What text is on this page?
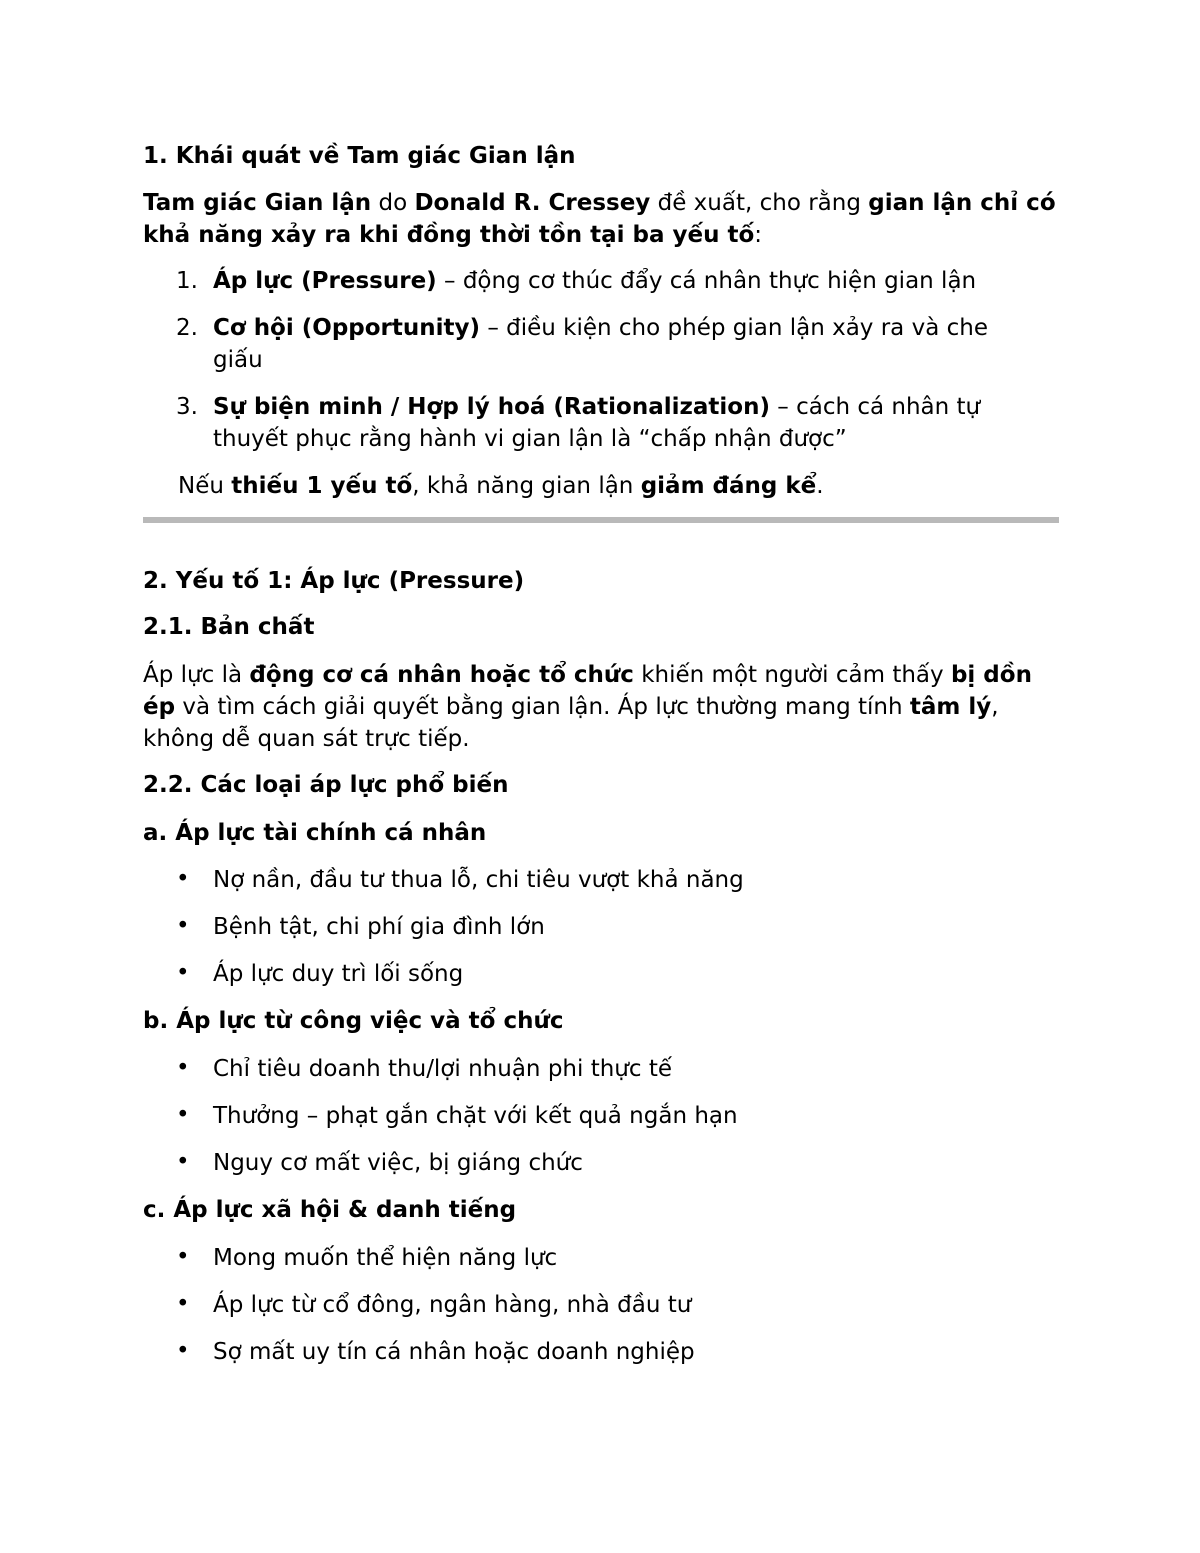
1. Khái quát về Tam giác Gian lận

Tam giác Gian lận do Donald R. Cressey đề xuất, cho rằng gian lận chỉ có khả năng xảy ra khi đồng thời tồn tại ba yếu tố:

1. Áp lực (Pressure) – động cơ thúc đẩy cá nhân thực hiện gian lận
2. Cơ hội (Opportunity) – điều kiện cho phép gian lận xảy ra và che giấu
3. Sự biện minh / Hợp lý hoá (Rationalization) – cách cá nhân tự thuyết phục rằng hành vi gian lận là “chấp nhận được”

Nếu thiếu 1 yếu tố, khả năng gian lận giảm đáng kể.

2. Yếu tố 1: Áp lực (Pressure)
2.1. Bản chất

Áp lực là động cơ cá nhân hoặc tổ chức khiến một người cảm thấy bị dồn ép và tìm cách giải quyết bằng gian lận. Áp lực thường mang tính tâm lý, không dễ quan sát trực tiếp.

2.2. Các loại áp lực phổ biến
a. Áp lực tài chính cá nhân
• Nợ nần, đầu tư thua lỗ, chi tiêu vượt khả năng
• Bệnh tật, chi phí gia đình lớn
• Áp lực duy trì lối sống
b. Áp lực từ công việc và tổ chức
• Chỉ tiêu doanh thu/lợi nhuận phi thực tế
• Thưởng – phạt gắn chặt với kết quả ngắn hạn
• Nguy cơ mất việc, bị giáng chức
c. Áp lực xã hội & danh tiếng
• Mong muốn thể hiện năng lực
• Áp lực từ cổ đông, ngân hàng, nhà đầu tư
• Sợ mất uy tín cá nhân hoặc doanh nghiệp
